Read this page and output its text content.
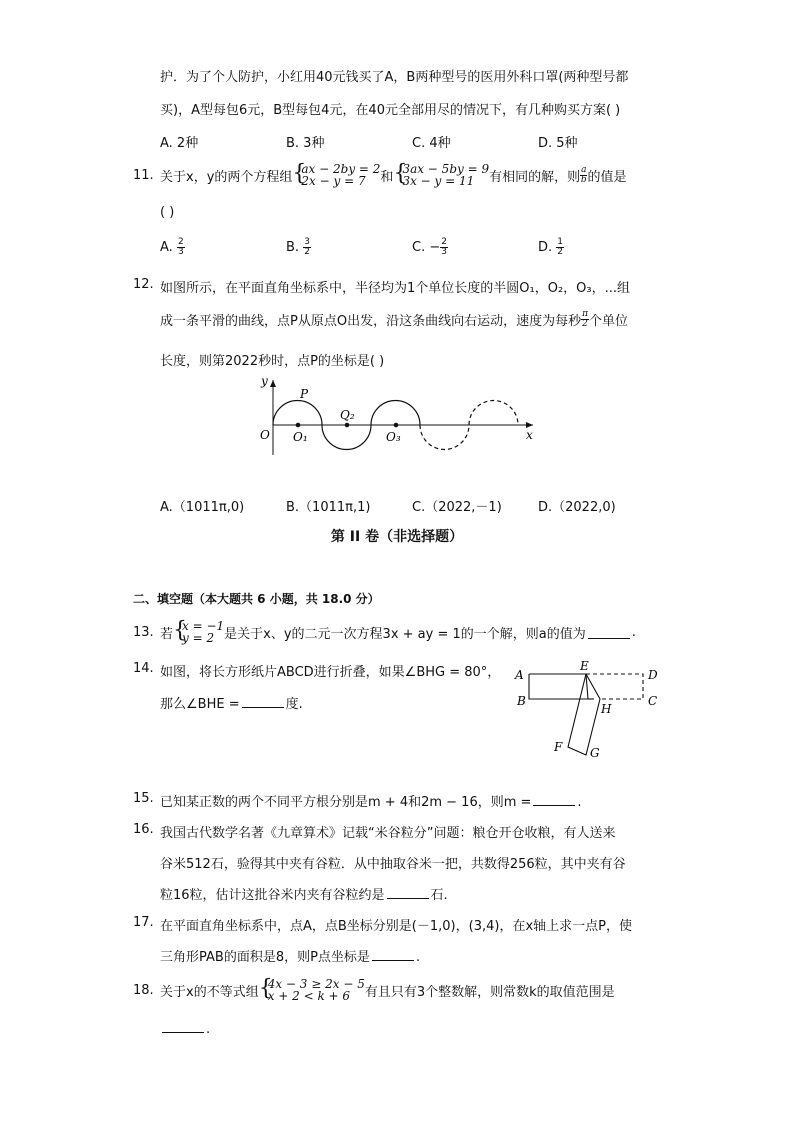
护．为了个人防护，小红用40元钱买了A，B两种型号的医用外科口罩(两种型号都
买)，A型每包6元，B型每包4元，在40元全部用尽的情况下，有几种购买方案( )
A. 2种	B. 3种	C. 4种	D. 5种
11. 关于x，y的两个方程组 {
ax − 2by = 2
2x − y = 7	和 {
3ax − 5by = 9
3x − y = 11	有相同的解，则 $\frac{a}{b}$ 的值是
( )
A. $\frac{2}{3}$	B. $\frac{3}{2}$	C. − $\frac{2}{3}$	D. $\frac{1}{2}$
12. 如图所示，在平面直角坐标系中，半径均为1个单位长度的半圆O₁，O₂，O₃，...组
成一条平滑的曲线，点P从原点O出发，沿这条曲线向右运动，速度为每秒 $\frac{\pi}{2}$ 个单位
长度，则第2022秒时，点P的坐标是( )
y
x
O
P
O₁
Q₂
O₃
A.（1011π,0)	B.（1011π,1)	C.（2022,－1)	D.（2022,0)
第 II 卷（非选择题）
二、填空题（本大题共 6 小题，共 18.0 分）
13. 若 {
x = −1
y = 2 是关于x、y的二元一次方程3x + ay = 1的一个解，则a的值为	.
14. 如图，将长方形纸片ABCD进行折叠，如果∠BHG = 80°，
那么∠BHE =	度.
A
B
D
C
E
H
F G
15. 已知某正数的两个不同平方根分别是m + 4和2m − 16，则m =	.
16. 我国古代数学名著《九章算术》记载“米谷粒分”问题：粮仓开仓收粮，有人送来
谷米512石，验得其中夹有谷粒．从中抽取谷米一把，共数得256粒，其中夹有谷
粒16粒，估计这批谷米内夹有谷粒约是	石.
17. 在平面直角坐标系中，点A，点B坐标分别是(－1,0)，(3,4)，在x轴上求一点P，使
三角形PAB的面积是8，则P点坐标是	.
18. 关于x的不等式组 {
4x − 3 ≥ 2x − 5
x + 2 < k + 6	有且只有3个整数解，则常数k的取值范围是
.
